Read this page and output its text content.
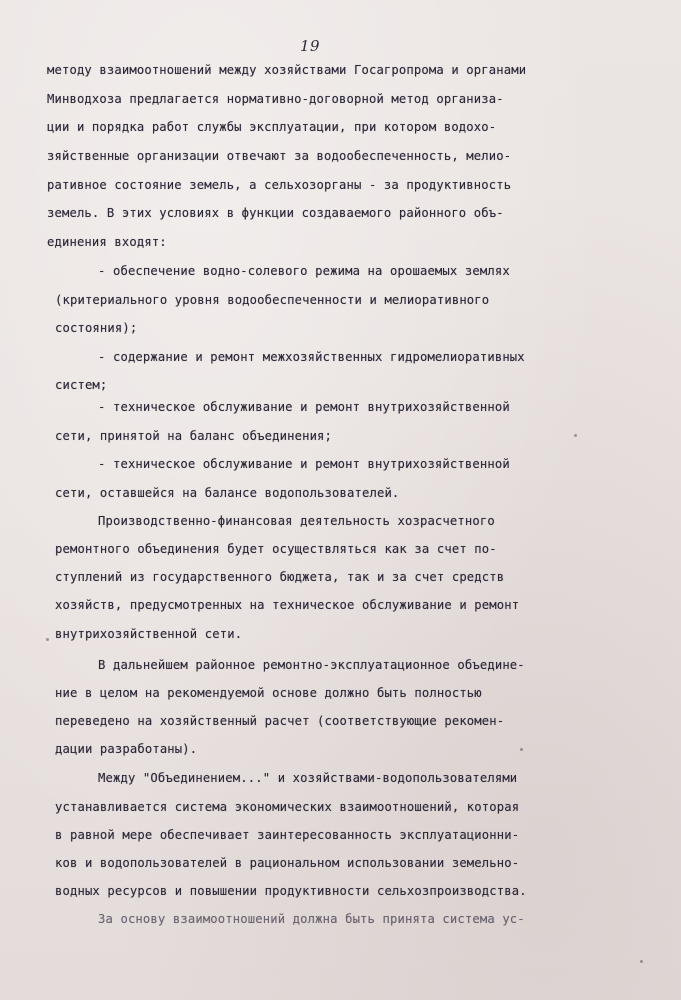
19
методу взаимоотношений между хозяйствами Госагропрома и органами
Минводхоза предлагается нормативно-договорной метод организа-
ции и порядка работ службы эксплуатации, при котором водохо-
зяйственные организации отвечают за водообеспеченность, мелио-
ративное состояние земель, а сельхозорганы - за продуктивность
земель. В этих условиях в функции создаваемого районного объ-
единения входят:
- обеспечение водно-солевого режима на орошаемых землях
(критериального уровня водообеспеченности и мелиоративного
состояния);
- содержание и ремонт межхозяйственных гидромелиоративных
систем;
- техническое обслуживание и ремонт внутрихозяйственной
сети, принятой на баланс объединения;
- техническое обслуживание и ремонт внутрихозяйственной
сети, оставшейся на балансе водопользователей.
Производственно-финансовая деятельность хозрасчетного
ремонтного объединения будет осуществляться как за счет по-
ступлений из государственного бюджета, так и за счет средств
хозяйств, предусмотренных на техническое обслуживание и ремонт
внутрихозяйственной сети.
В дальнейшем районное ремонтно-эксплуатационное объедине-
ние в целом на рекомендуемой основе должно быть полностью
переведено на хозяйственный расчет (соответствующие рекомен-
дации разработаны).
Между "Объединением..." и хозяйствами-водопользователями
устанавливается система экономических взаимоотношений, которая
в равной мере обеспечивает заинтересованность эксплуатационни-
ков и водопользователей в рациональном использовании земельно-
водных ресурсов и повышении продуктивности сельхозпроизводства.
За основу взаимоотношений должна быть принята система ус-
